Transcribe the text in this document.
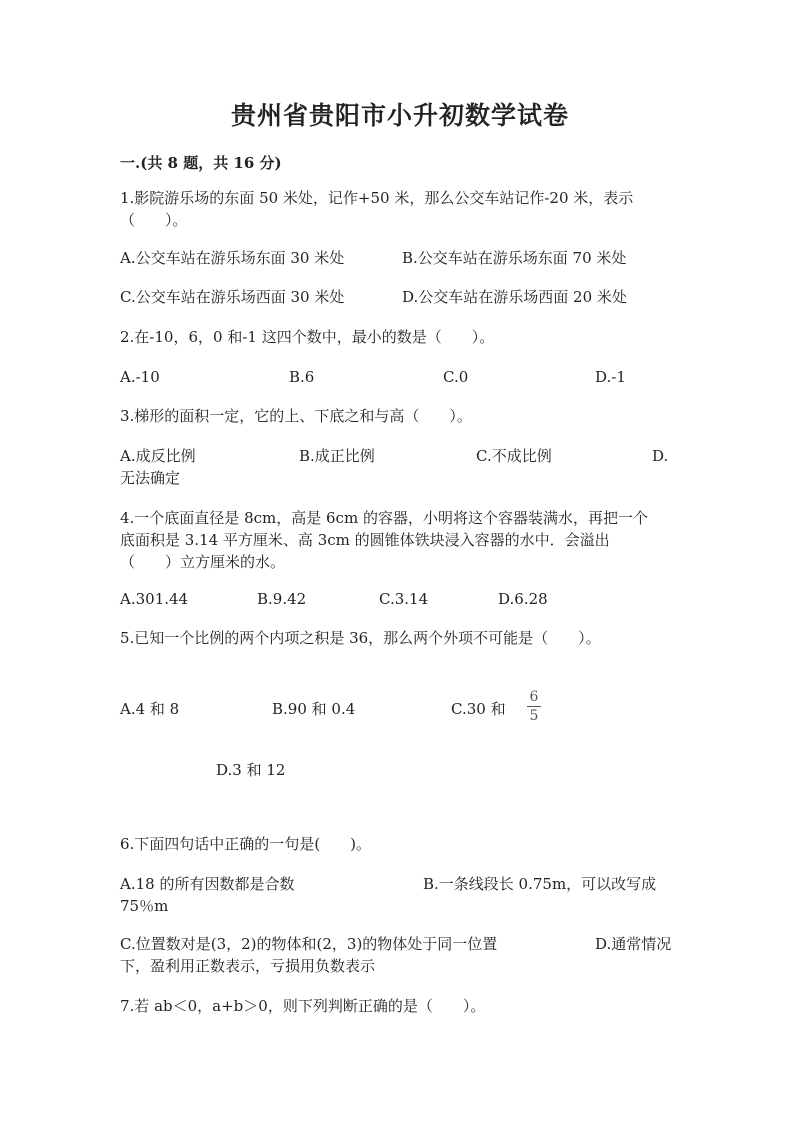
贵州省贵阳市小升初数学试卷
一.(共 8 题，共 16 分)
1.影院游乐场的东面 50 米处，记作+50 米，那么公交车站记作-20 米，表示
（　　）。
A.公交车站在游乐场东面 30 米处	B.公交车站在游乐场东面 70 米处
C.公交车站在游乐场西面 30 米处	D.公交车站在游乐场西面 20 米处
2.在-10，6，0 和-1 这四个数中，最小的数是（　　）。
A.-10	B.6	C.0	D.-1
3.梯形的面积一定，它的上、下底之和与高（　　）。
A.成反比例	B.成正比例	C.不成比例	D.
无法确定
4.一个底面直径是 8cm，高是 6cm 的容器，小明将这个容器装满水，再把一个
底面积是 3.14 平方厘米、高 3cm 的圆锥体铁块浸入容器的水中．会溢出
（　　）立方厘米的水。
A.301.44	B.9.42	C.3.14	D.6.28
5.已知一个比例的两个内项之积是 36，那么两个外项不可能是（　　）。
A.4 和 8	B.90 和 0.4	C.30 和
6
5
D.3 和 12
6.下面四句话中正确的一句是(　　)。
A.18 的所有因数都是合数	B.一条线段长 0.75m，可以改写成
75％m
C.位置数对是(3，2)的物体和(2，3)的物体处于同一位置	D.通常情况
下，盈利用正数表示，亏损用负数表示
7.若 ab＜0，a+b＞0，则下列判断正确的是（　　）。
